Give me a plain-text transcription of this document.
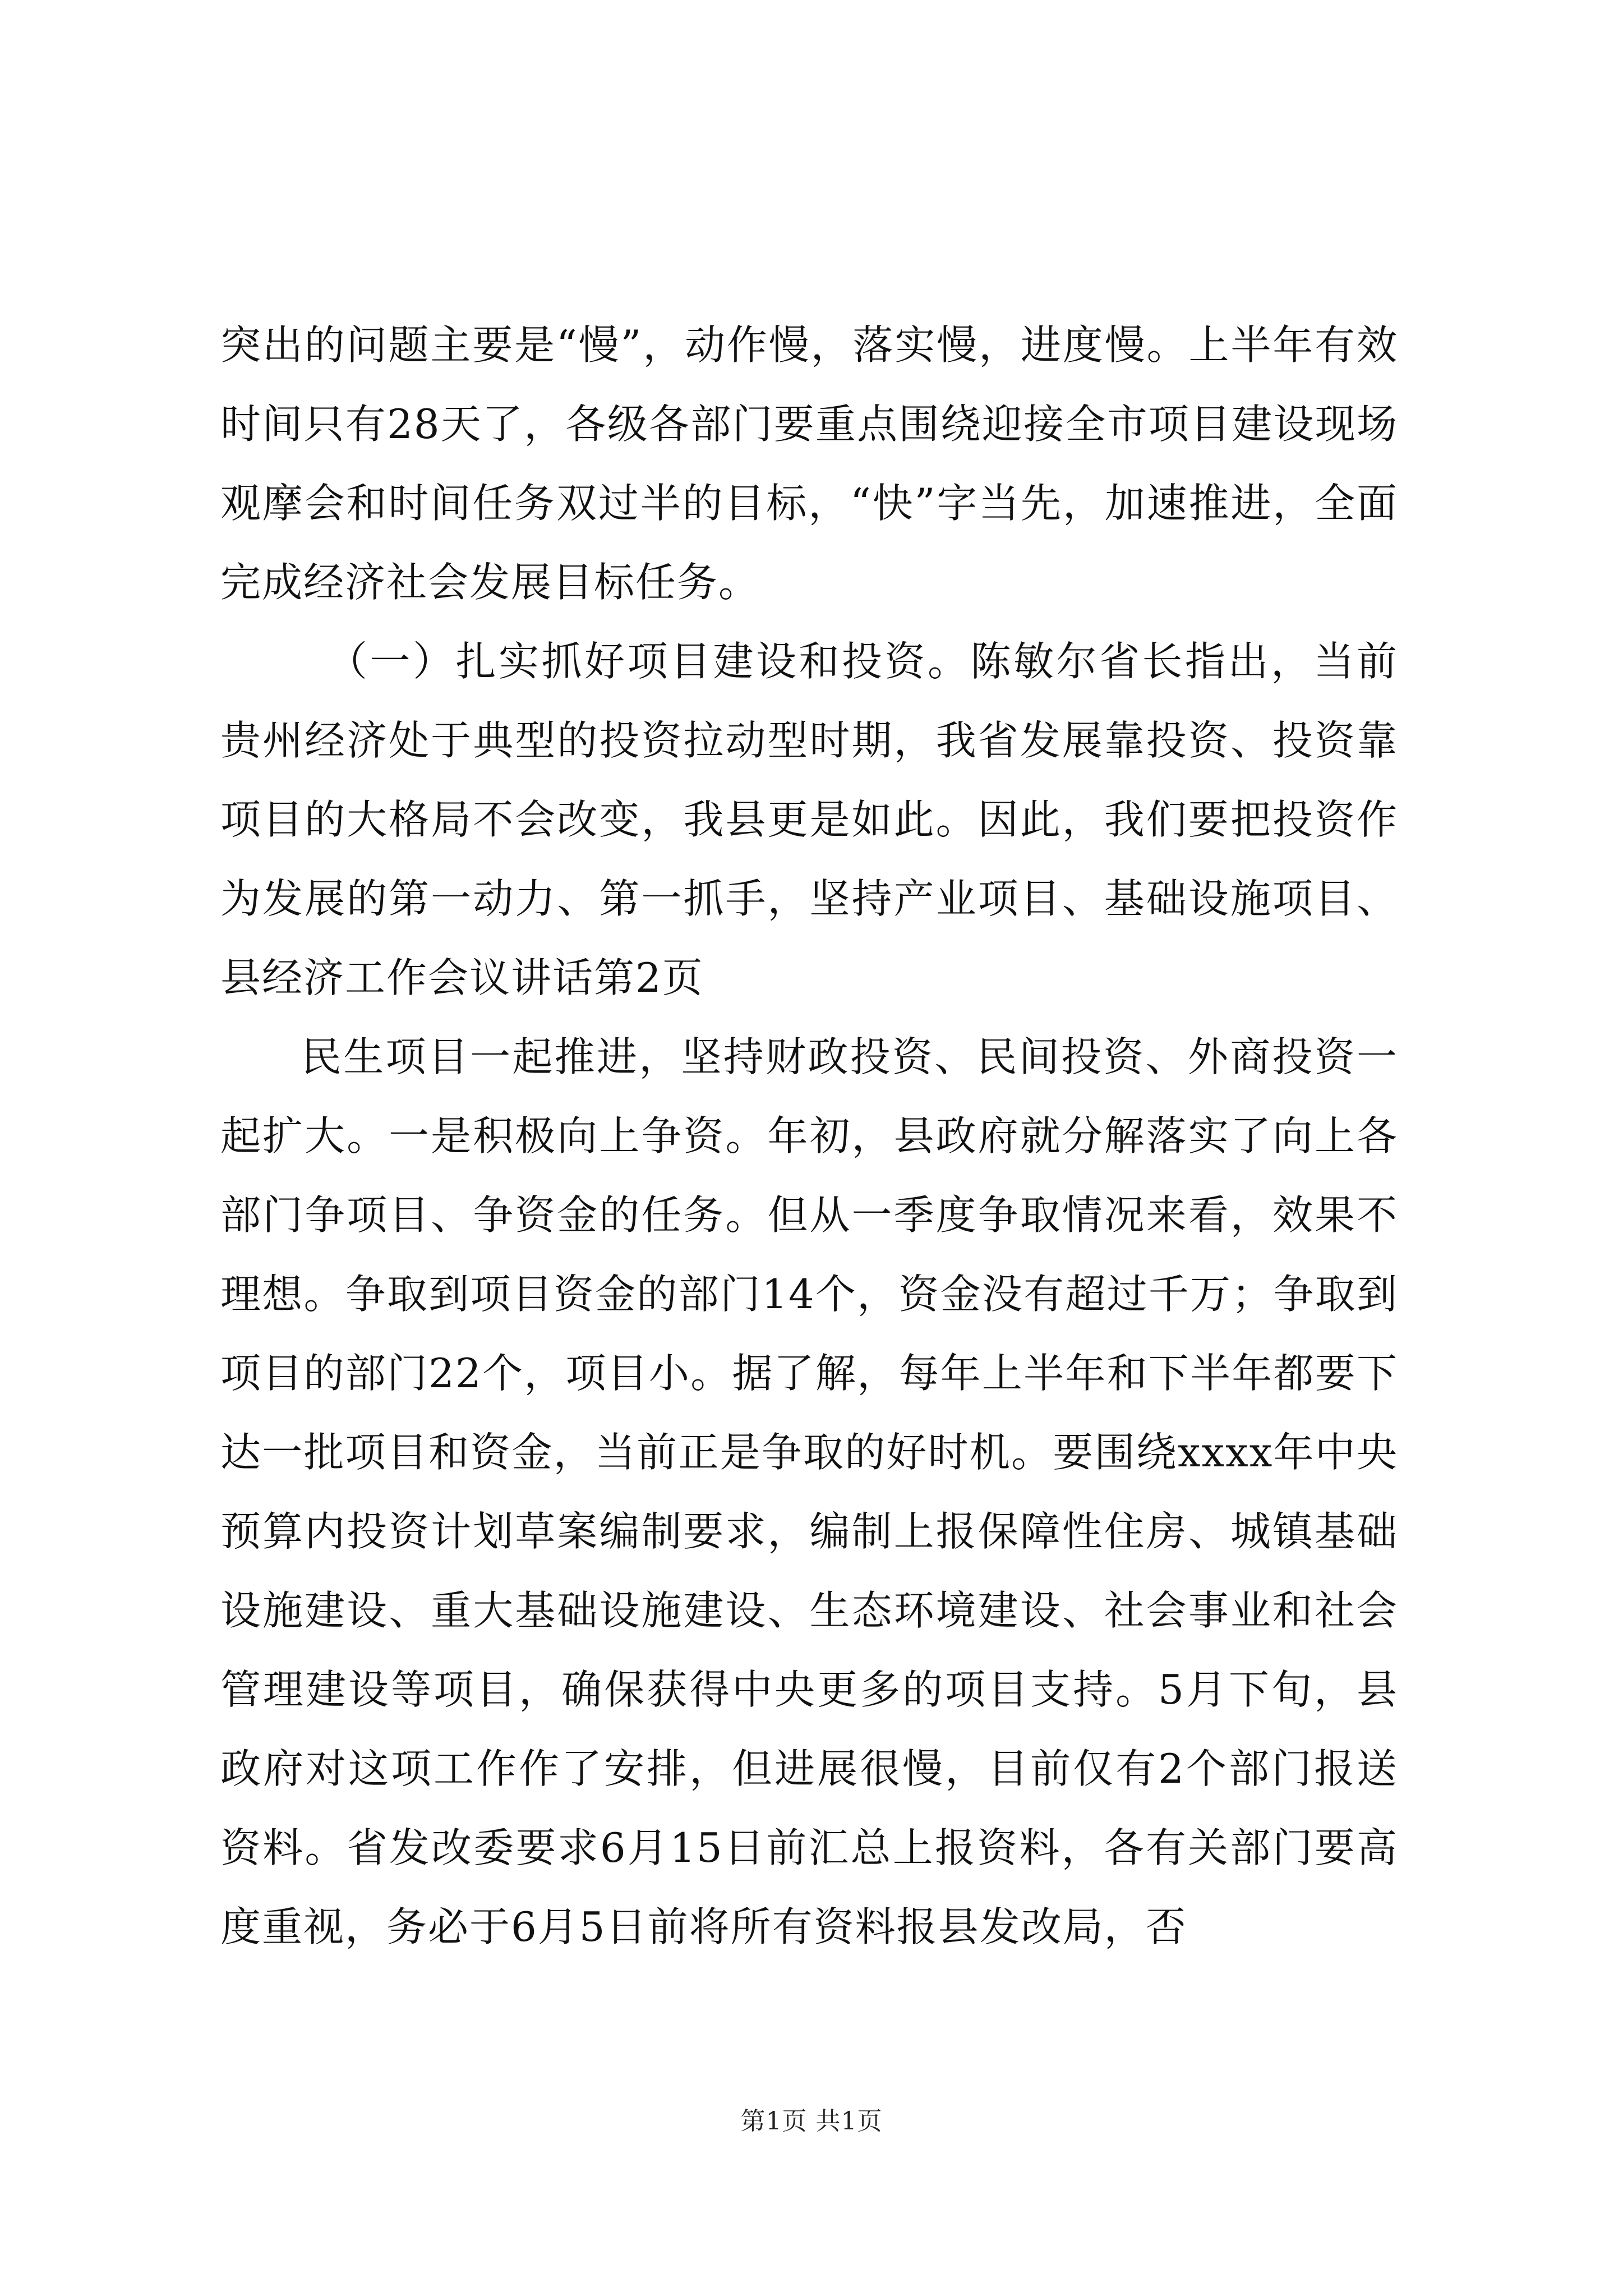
突出的问题主要是“慢”，动作慢，落实慢，进度慢。上半年有效时间只有28天了，各级各部门要重点围绕迎接全市项目建设现场观摩会和时间任务双过半的目标，“快”字当先，加速推进，全面完成经济社会发展目标任务。

（一）扎实抓好项目建设和投资。陈敏尔省长指出，当前贵州经济处于典型的投资拉动型时期，我省发展靠投资、投资靠项目的大格局不会改变，我县更是如此。因此，我们要把投资作为发展的第一动力、第一抓手，坚持产业项目、基础设施项目、县经济工作会议讲话第2页

民生项目一起推进，坚持财政投资、民间投资、外商投资一起扩大。一是积极向上争资。年初，县政府就分解落实了向上各部门争项目、争资金的任务。但从一季度争取情况来看，效果不理想。争取到项目资金的部门14个，资金没有超过千万；争取到项目的部门22个，项目小。据了解，每年上半年和下半年都要下达一批项目和资金，当前正是争取的好时机。要围绕xxxx年中央预算内投资计划草案编制要求，编制上报保障性住房、城镇基础设施建设、重大基础设施建设、生态环境建设、社会事业和社会管理建设等项目，确保获得中央更多的项目支持。5月下旬，县政府对这项工作作了安排，但进展很慢，目前仅有2个部门报送资料。省发改委要求6月15日前汇总上报资料，各有关部门要高度重视，务必于6月5日前将所有资料报县发改局，否

第1页 共1页
